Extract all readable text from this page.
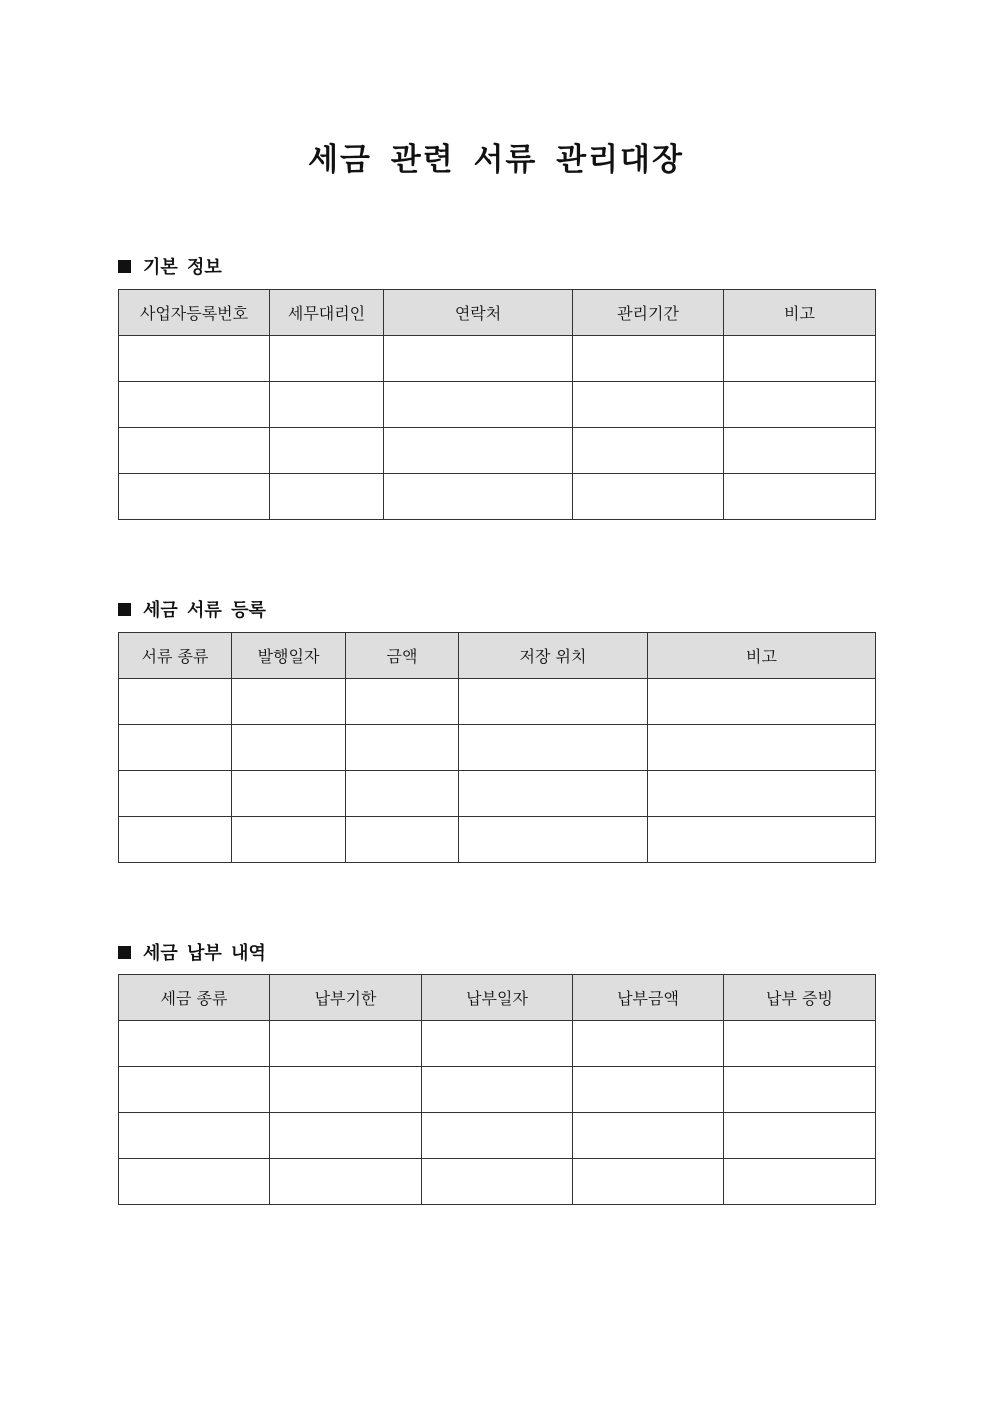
세금 관련 서류 관리대장
기본 정보
사업자등록번호	세무대리인	연락처	관리기간	비고

세금 서류 등록
서류 종류	발행일자	금액	저장 위치	비고

세금 납부 내역
세금 종류	납부기한	납부일자	납부금액	납부 증빙
